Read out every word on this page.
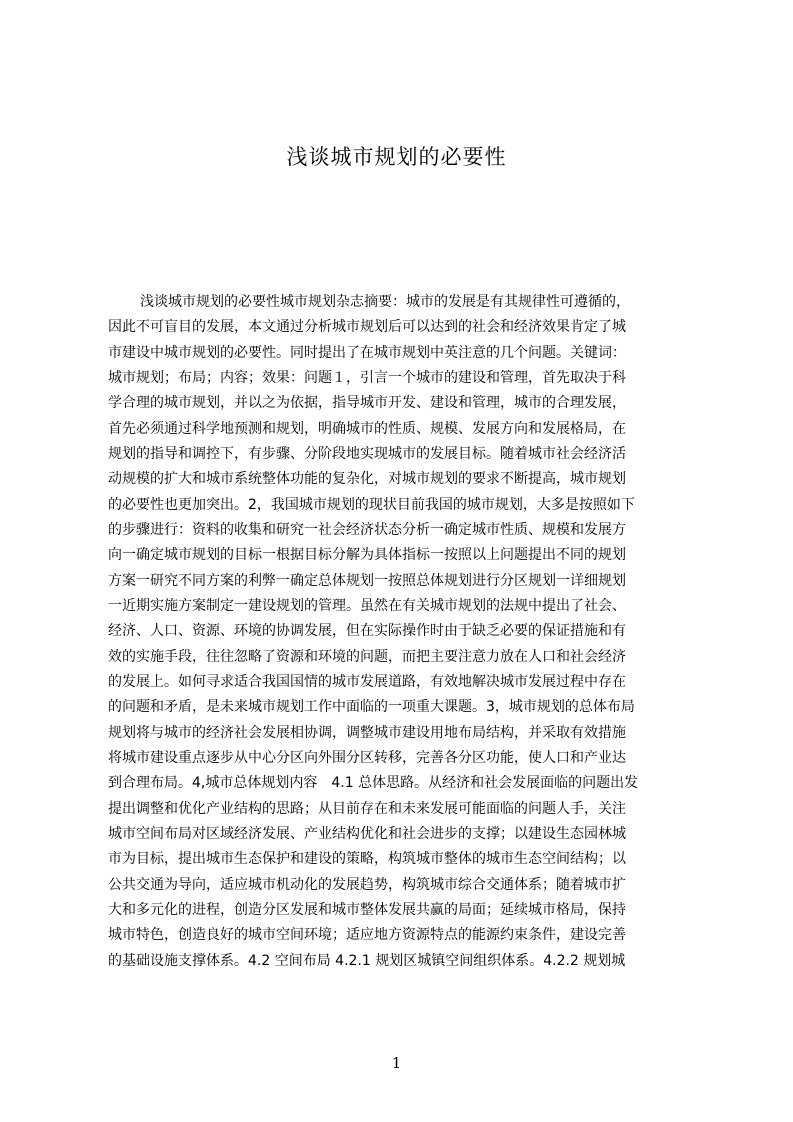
浅谈城市规划的必要性
浅谈城市规划的必要性城市规划杂志摘要：城市的发展是有其规律性可遵循的，
因此不可盲目的发展，本文通过分析城市规划后可以达到的社会和经济效果肯定了城
市建设中城市规划的必要性。同时提出了在城市规划中英注意的几个问题。关键词：
城市规划；布局；内容；效果：问题１，引言一个城市的建设和管理，首先取决于科
学合理的城市规划，并以之为依据，指导城市开发、建设和管理，城市的合理发展，
首先必须通过科学地预测和规划，明确城市的性质、规模、发展方向和发展格局，在
规划的指导和调控下，有步骤、分阶段地实现城市的发展目标。随着城市社会经济活
动规模的扩大和城市系统整体功能的复杂化，对城市规划的要求不断提高，城市规划
的必要性也更加突出。2，我国城市规划的现状目前我国的城市规划，大多是按照如下
的步骤进行：资料的收集和研究一社会经济状态分析一确定城市性质、规模和发展方
向一确定城市规划的目标一根据目标分解为具体指标一按照以上问题提出不同的规划
方案一研究不同方案的利弊一确定总体规划一按照总体规划进行分区规划一详细规划
一近期实施方案制定一建设规划的管理。虽然在有关城市规划的法规中提出了社会、
经济、人口、资源、环境的协调发展，但在实际操作时由于缺乏必要的保证措施和有
效的实施手段，往往忽略了资源和环境的问题，而把主要注意力放在人口和社会经济
的发展上。如何寻求适合我国国情的城市发展道路，有效地解决城市发展过程中存在
的问题和矛盾，是未来城市规划工作中面临的一项重大课题。3，城市规划的总体布局
规划将与城市的经济社会发展相协调，调整城市建设用地布局结构，并采取有效措施
将城市建设重点逐步从中心分区向外围分区转移，完善各分区功能，使人口和产业达
到合理布局。4,城市总体规划内容　4.1 总体思路。从经济和社会发展面临的问题出发
提出调整和优化产业结构的思路；从目前存在和未来发展可能面临的问题人手，关注
城市空间布局对区域经济发展、产业结构优化和社会进步的支撑；以建设生态园林城
市为目标，提出城市生态保护和建设的策略，构筑城市整体的城市生态空间结构；以
公共交通为导向，适应城市机动化的发展趋势，构筑城市综合交通体系；随着城市扩
大和多元化的进程，创造分区发展和城市整体发展共赢的局面；延续城市格局，保持
城市特色，创造良好的城市空间环境；适应地方资源特点的能源约束条件，建设完善
的基础设施支撑体系。4.2 空间布局 4.2.1 规划区城镇空间组织体系。4.2.2 规划城
1
